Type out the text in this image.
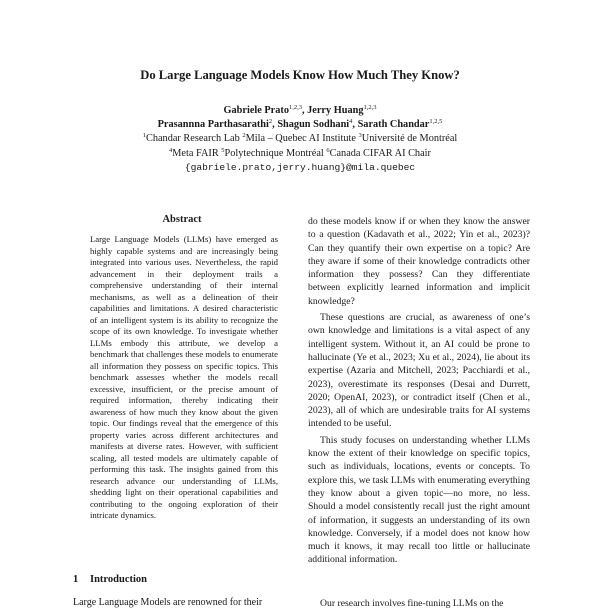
Do Large Language Models Know How Much They Know?
Gabriele Prato$^{1,2,3}$, Jerry Huang$^{1,2,3}$
Prasannna Parthasarathi$^2$, Shagun Sodhani$^4$, Sarath Chandar$^{1,2,5}$
$^1$Chandar Research Lab $^2$Mila – Quebec AI Institute $^3$Université de Montréal
$^4$Meta FAIR $^5$Polytechnique Montréal $^6$Canada CIFAR AI Chair
{gabriele.prato,jerry.huang}@mila.quebec
Abstract
Large Language Models (LLMs) have emerged as highly capable systems and are increasingly being integrated into various uses. Nevertheless, the rapid advancement in their deployment trails a comprehensive understanding of their internal mechanisms, as well as a delineation of their capabilities and limitations. A desired characteristic of an intelligent system is its ability to recognize the scope of its own knowledge. To investigate whether LLMs embody this attribute, we develop a benchmark that challenges these models to enumerate all information they possess on specific topics. This benchmark assesses whether the models recall excessive, insufficient, or the precise amount of required information, thereby indicating their awareness of how much they know about the given topic. Our findings reveal that the emergence of this property varies across different architectures and manifests at diverse rates. However, with sufficient scaling, all tested models are ultimately capable of performing this task. The insights gained from this research advance our understanding of LLMs, shedding light on their operational capabilities and contributing to the ongoing exploration of their intricate dynamics.
1 Introduction
Large Language Models are renowned for their

do these models know if or when they know the answer to a question (Kadavath et al., 2022; Yin et al., 2023)? Can they quantify their own expertise on a topic? Are they aware if some of their knowledge contradicts other information they possess? Can they differentiate between explicitly learned information and implicit knowledge?

These questions are crucial, as awareness of one’s own knowledge and limitations is a vital aspect of any intelligent system. Without it, an AI could be prone to hallucinate (Ye et al., 2023; Xu et al., 2024), lie about its expertise (Azaria and Mitchell, 2023; Pacchiardi et al., 2023), overestimate its responses (Desai and Durrett, 2020; OpenAI, 2023), or contradict itself (Chen et al., 2023), all of which are undesirable traits for AI systems intended to be useful.

This study focuses on understanding whether LLMs know the extent of their knowledge on specific topics, such as individuals, locations, events or concepts. To explore this, we task LLMs with enumerating everything they know about a given topic—no more, no less. Should a model consistently recall just the right amount of information, it suggests an understanding of its own knowledge. Conversely, if a model does not know how much it knows, it may recall too little or hallucinate additional information.

Our research involves fine-tuning LLMs on the
